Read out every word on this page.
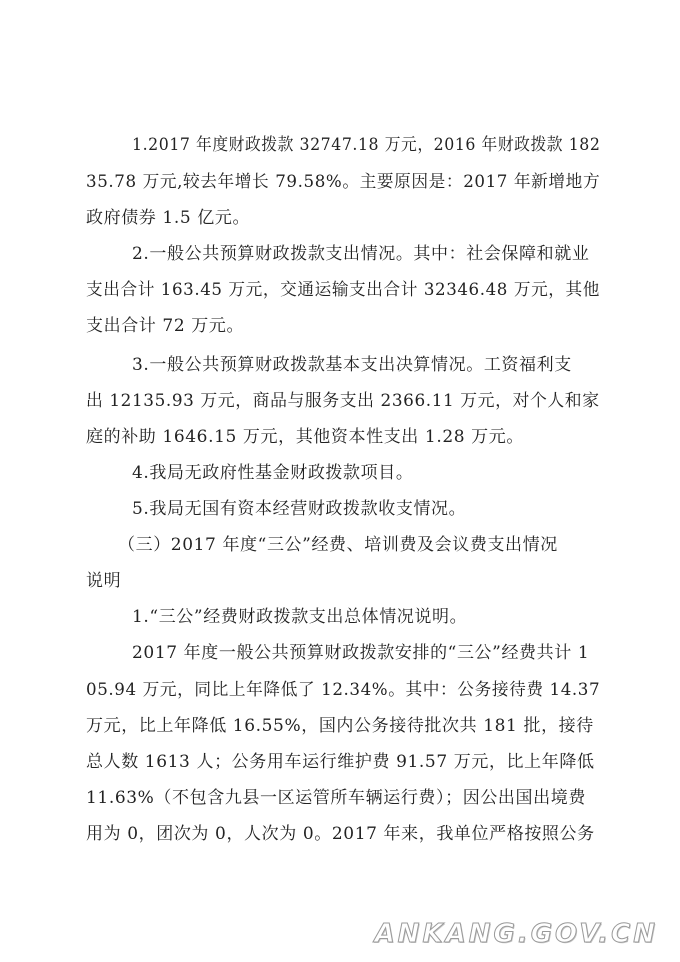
1.2017 年度财政拨款 32747.18 万元，2016 年财政拨款 182
35.78 万元,较去年增长 79.58%。主要原因是：2017 年新增地方
政府债券 1.5 亿元。
2.一般公共预算财政拨款支出情况。其中：社会保障和就业
支出合计 163.45 万元，交通运输支出合计 32346.48 万元，其他
支出合计 72 万元。
3.一般公共预算财政拨款基本支出决算情况。工资福利支
出 12135.93 万元，商品与服务支出 2366.11 万元，对个人和家
庭的补助 1646.15 万元，其他资本性支出 1.28 万元。
4.我局无政府性基金财政拨款项目。
5.我局无国有资本经营财政拨款收支情况。
（三）2017 年度“三公”经费、培训费及会议费支出情况
说明
1.“三公”经费财政拨款支出总体情况说明。
2017 年度一般公共预算财政拨款安排的“三公”经费共计 1
05.94 万元，同比上年降低了 12.34%。其中：公务接待费 14.37
万元，比上年降低 16.55%，国内公务接待批次共 181 批，接待
总人数 1613 人；公务用车运行维护费 91.57 万元，比上年降低
11.63%（不包含九县一区运管所车辆运行费）；因公出国出境费
用为 0，团次为 0，人次为 0。2017 年来，我单位严格按照公务
ANKANG.GOV.CN
